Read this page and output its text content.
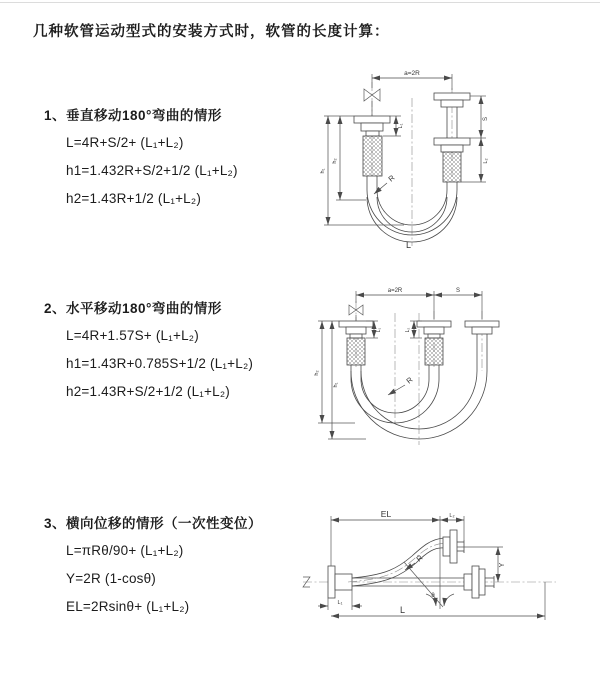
几种软管运动型式的安装方式时，软管的长度计算：
1、垂直移动180°弯曲的情形
L=4R+S/2+ (L₁+L₂)
h1=1.432R+S/2+1/2 (L₁+L₂)
h2=1.43R+1/2 (L₁+L₂)
2、水平移动180°弯曲的情形
L=4R+1.57S+ (L₁+L₂)
h1=1.43R+0.785S+1/2 (L₁+L₂)
h2=1.43R+S/2+1/2 (L₁+L₂)
3、横向位移的情形（一次性变位）
L=πRθ/90+ (L₁+L₂)
Y=2R (1-cosθ)
EL=2Rsinθ+ (L₁+L₂)
a=2R
S
L₂
h₁
h₂
L₁
R
L
a=2R	S
h₂
h₁
L₁	L₂
R
EL	L₂
θ
R
Y
L₁
L
